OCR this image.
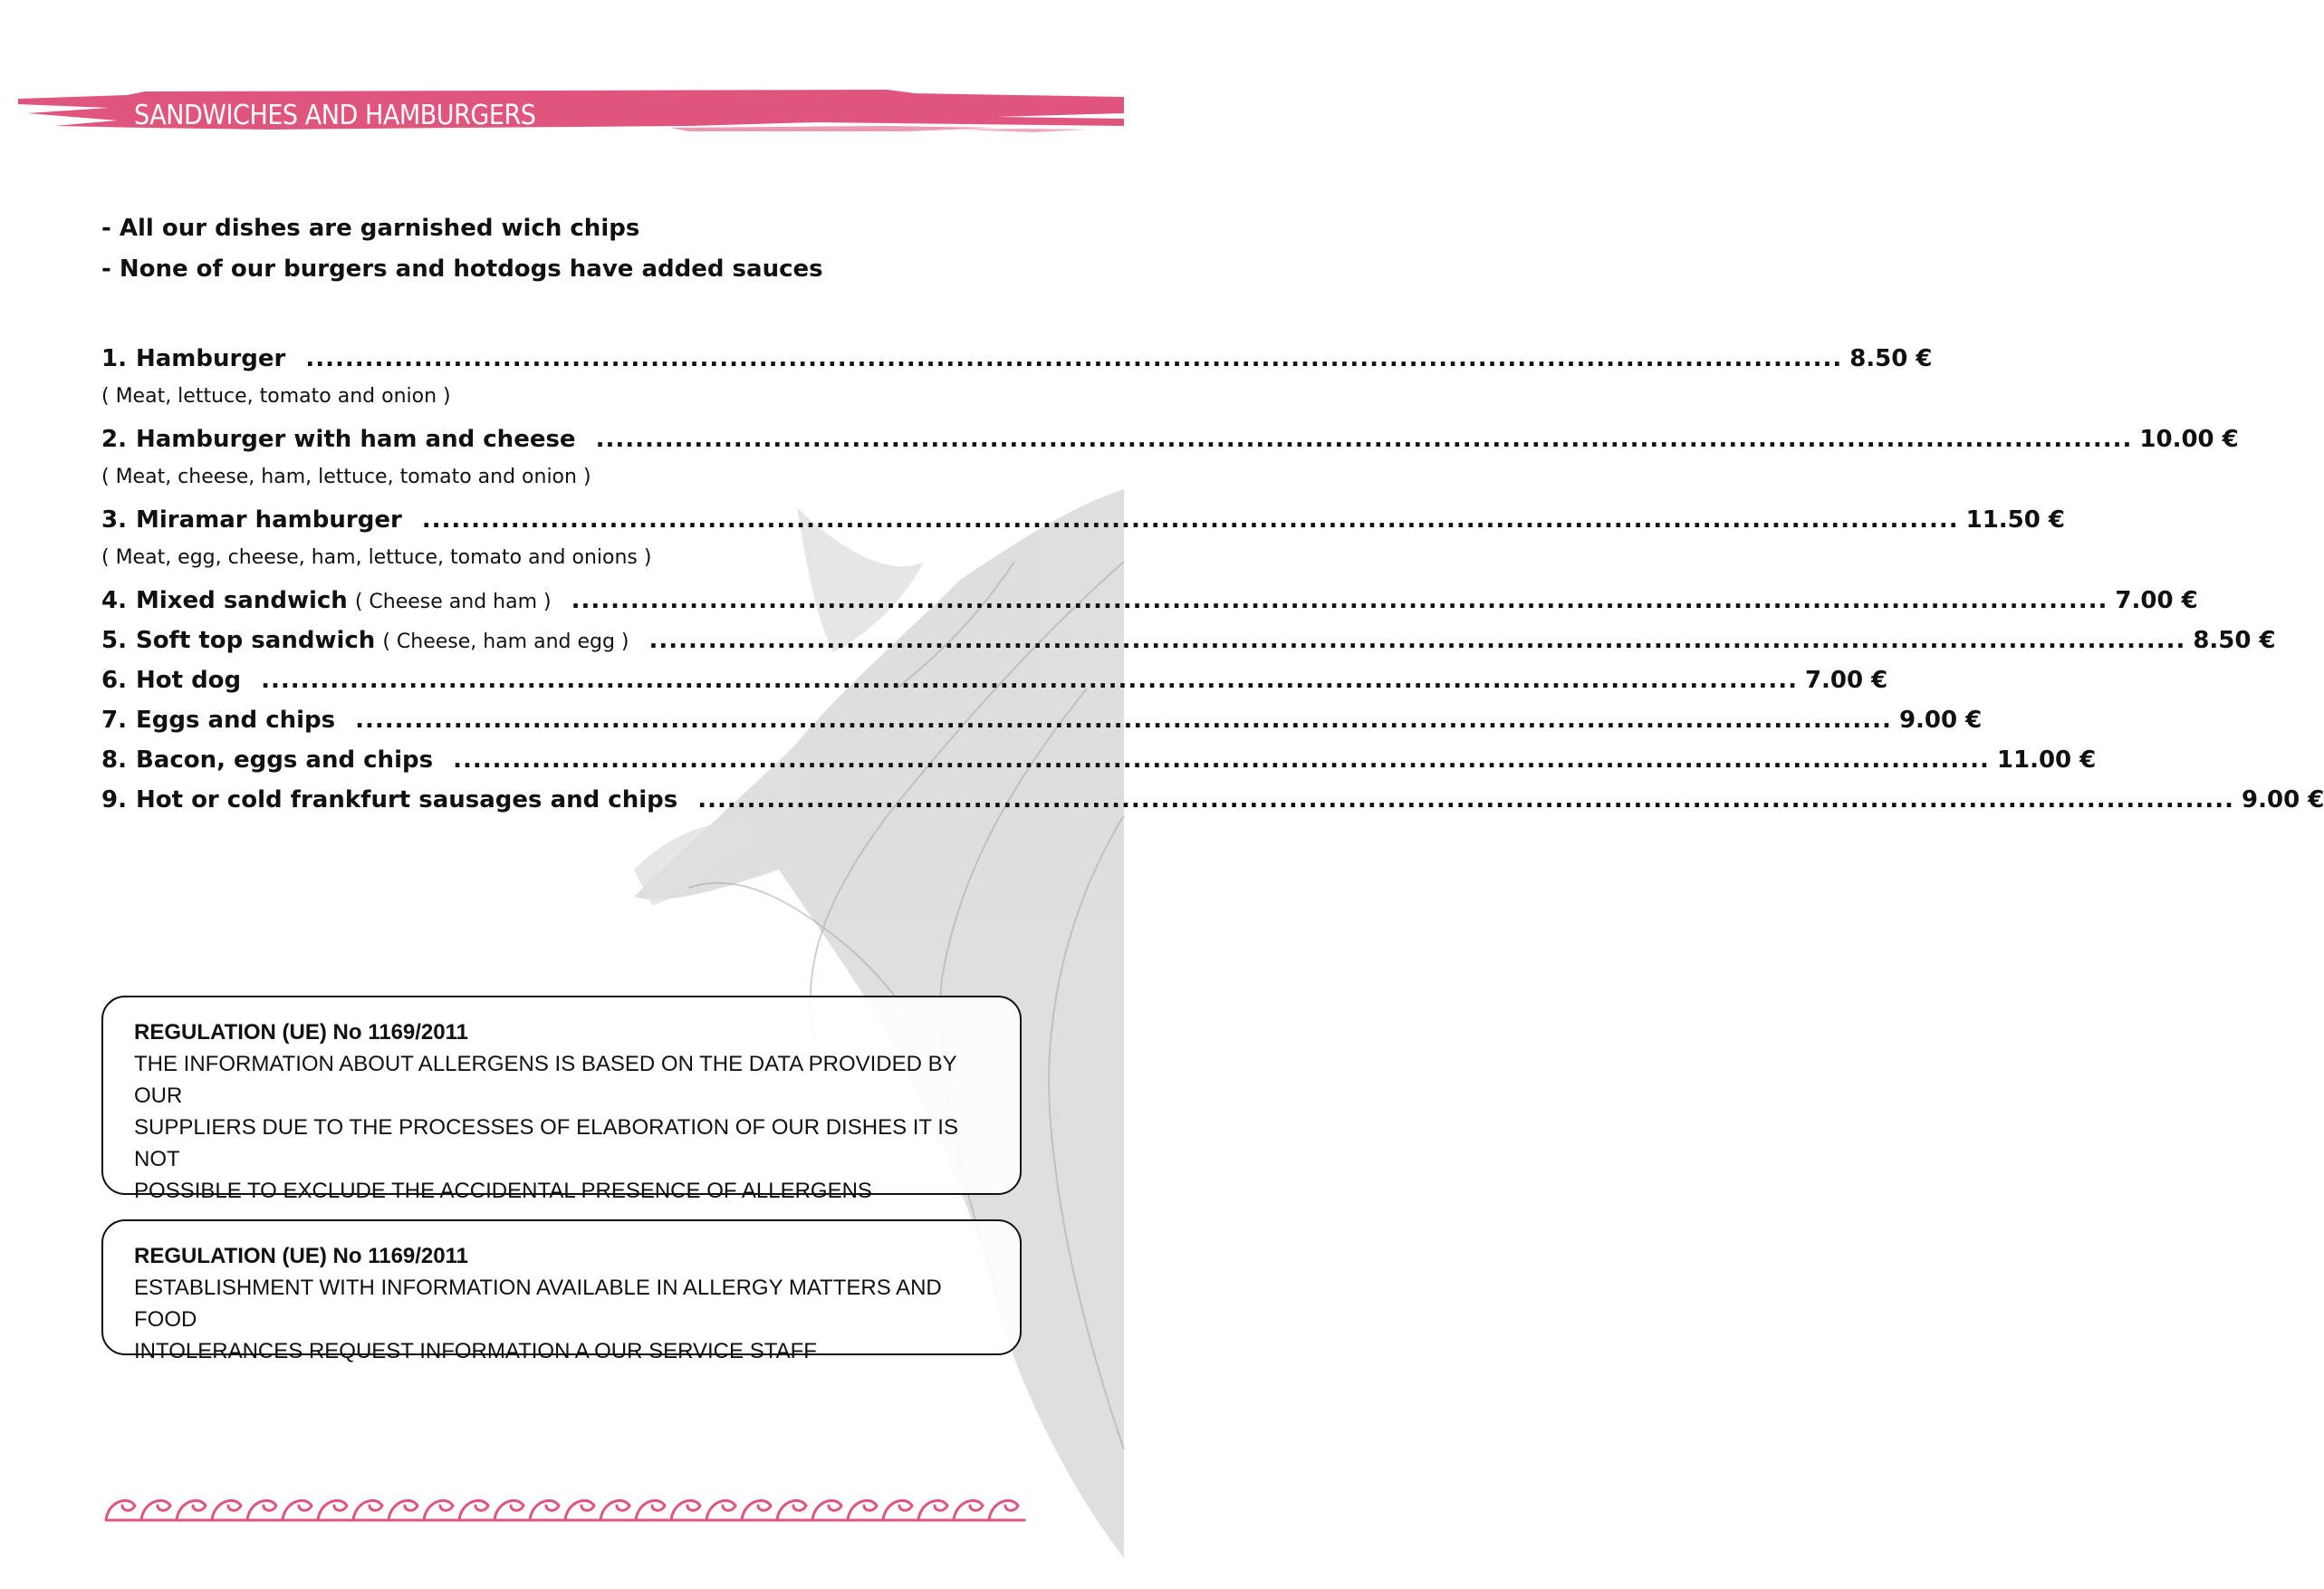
SANDWICHES AND HAMBURGERS
- All our dishes are garnished wich chips
- None of our burgers and hotdogs have added sauces
1. Hamburger ............................................................................................................................................................ 8.50 €
( Meat, lettuce, tomato and onion )
2. Hamburger with ham and cheese ............................................................................................................................................................ 10.00 €
( Meat, cheese, ham, lettuce, tomato and onion )
3. Miramar hamburger ............................................................................................................................................................ 11.50 €
( Meat, egg, cheese, ham, lettuce, tomato and onions )
4. Mixed sandwich ( Cheese and ham ) ............................................................................................................................................................ 7.00 €
5. Soft top sandwich ( Cheese, ham and egg ) ............................................................................................................................................................ 8.50 €
6. Hot dog ............................................................................................................................................................ 7.00 €
7. Eggs and chips ............................................................................................................................................................ 9.00 €
8. Bacon, eggs and chips ............................................................................................................................................................ 11.00 €
9. Hot or cold frankfurt sausages and chips ............................................................................................................................................................ 9.00 €
REGULATION (UE) No 1169/2011
THE INFORMATION ABOUT ALLERGENS IS BASED ON THE DATA PROVIDED BY OUR
SUPPLIERS DUE TO THE PROCESSES OF ELABORATION OF OUR DISHES IT IS NOT
POSSIBLE TO EXCLUDE THE ACCIDENTAL PRESENCE OF ALLERGENS
REGULATION (UE) No 1169/2011
ESTABLISHMENT WITH INFORMATION AVAILABLE IN ALLERGY MATTERS AND FOOD
INTOLERANCES REQUEST INFORMATION A OUR SERVICE STAFF
